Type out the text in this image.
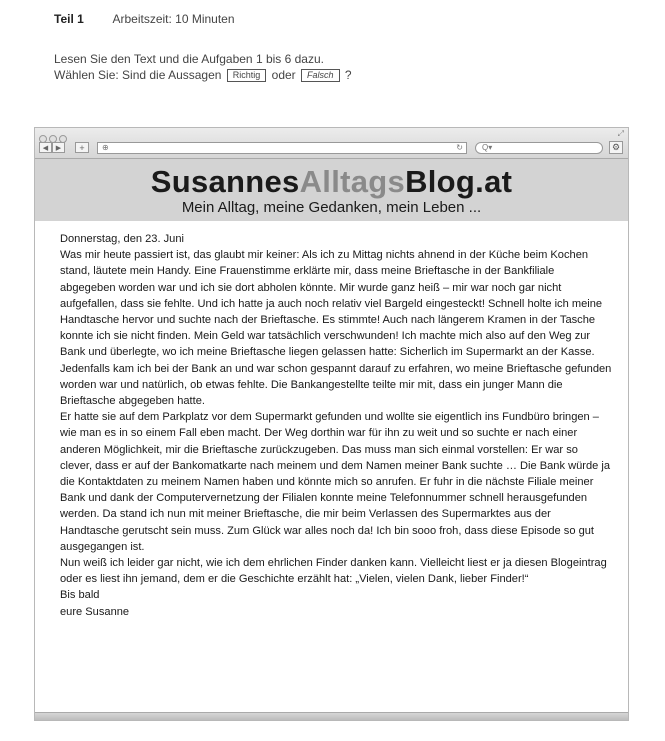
Teil 1 Arbeitszeit: 10 Minuten
Lesen Sie den Text und die Aufgaben 1 bis 6 dazu.
Wählen Sie: Sind die Aussagen Richtig oder Falsch ?
⤢
◀	▶	+	⊕	↻	Q▾	⚙
SusannesAlltagsBlog.at
Mein Alltag, meine Gedanken, mein Leben ...

Donnerstag, den 23. Juni

Was mir heute passiert ist, das glaubt mir keiner: Als ich zu Mittag nichts ahnend in der Küche beim Kochen stand, läutete mein Handy. Eine Frauenstimme erklärte mir, dass meine Brieftasche in der Bankfiliale abgegeben worden war und ich sie dort abholen könnte. Mir wurde ganz heiß – mir war noch gar nicht aufgefallen, dass sie fehlte. Und ich hatte ja auch noch relativ viel Bargeld eingesteckt! Schnell holte ich meine Handtasche hervor und suchte nach der Brieftasche. Es stimmte! Auch nach längerem Kramen in der Tasche konnte ich sie nicht finden. Mein Geld war tatsächlich verschwunden! Ich machte mich also auf den Weg zur Bank und überlegte, wo ich meine Brieftasche liegen gelassen hatte: Sicherlich im Supermarkt an der Kasse. Jedenfalls kam ich bei der Bank an und war schon gespannt darauf zu erfahren, wo meine Brieftasche gefunden worden war und natürlich, ob etwas fehlte. Die Bankangestellte teilte mir mit, dass ein junger Mann die Brieftasche abgegeben hatte.

Er hatte sie auf dem Parkplatz vor dem Supermarkt gefunden und wollte sie eigentlich ins Fundbüro bringen – wie man es in so einem Fall eben macht. Der Weg dorthin war für ihn zu weit und so suchte er nach einer anderen Möglichkeit, mir die Brieftasche zurückzugeben. Das muss man sich einmal vorstellen: Er war so clever, dass er auf der Bankomatkarte nach meinem und dem Namen meiner Bank suchte … Die Bank würde ja die Kontaktdaten zu meinem Namen haben und könnte mich so anrufen. Er fuhr in die nächste Filiale meiner Bank und dank der Computervernetzung der Filialen konnte meine Telefonnummer schnell herausgefunden werden. Da stand ich nun mit meiner Brieftasche, die mir beim Verlassen des Supermarktes aus der Handtasche gerutscht sein muss. Zum Glück war alles noch da! Ich bin sooo froh, dass diese Episode so gut ausgegangen ist.

Nun weiß ich leider gar nicht, wie ich dem ehrlichen Finder danken kann. Vielleicht liest er ja diesen Blogeintrag oder es liest ihn jemand, dem er die Geschichte erzählt hat: „Vielen, vielen Dank, lieber Finder!“

Bis bald

eure Susanne
